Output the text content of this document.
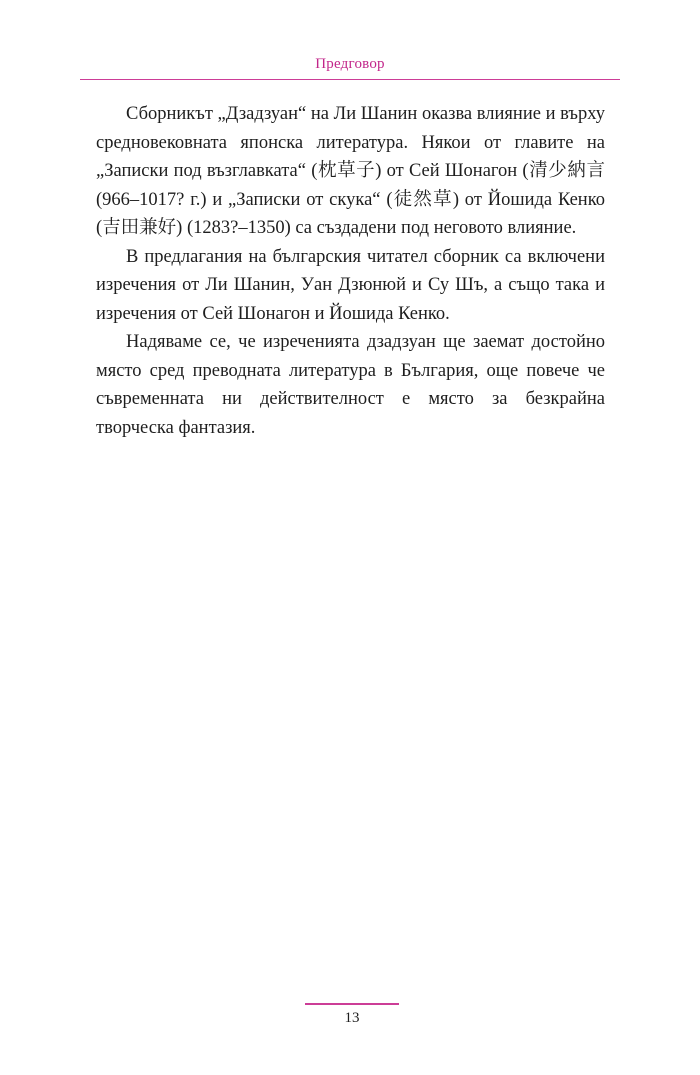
Предговор

Сборникът „Дзадзуан“ на Ли Шанин оказва влияние и върху средновековната японска литература. Някои от главите на „Записки под възглавката“ (枕草子) от Сей Шонагон (清少納言 (966–1017? г.) и „Записки от скука“ (徒然草) от Йошида Кенко (吉田兼好) (1283?–1350) са създадени под неговото влияние.

В предлагания на българския читател сборник са включени изречения от Ли Шанин, Уан Дзюнюй и Су Шъ, а също така и изречения от Сей Шонагон и Йошида Кенко.

Надяваме се, че изреченията дзадзуан ще заемат достойно място сред преводната литература в България, още повече че съвременната ни действителност е място за безкрайна творческа фантазия.

13
